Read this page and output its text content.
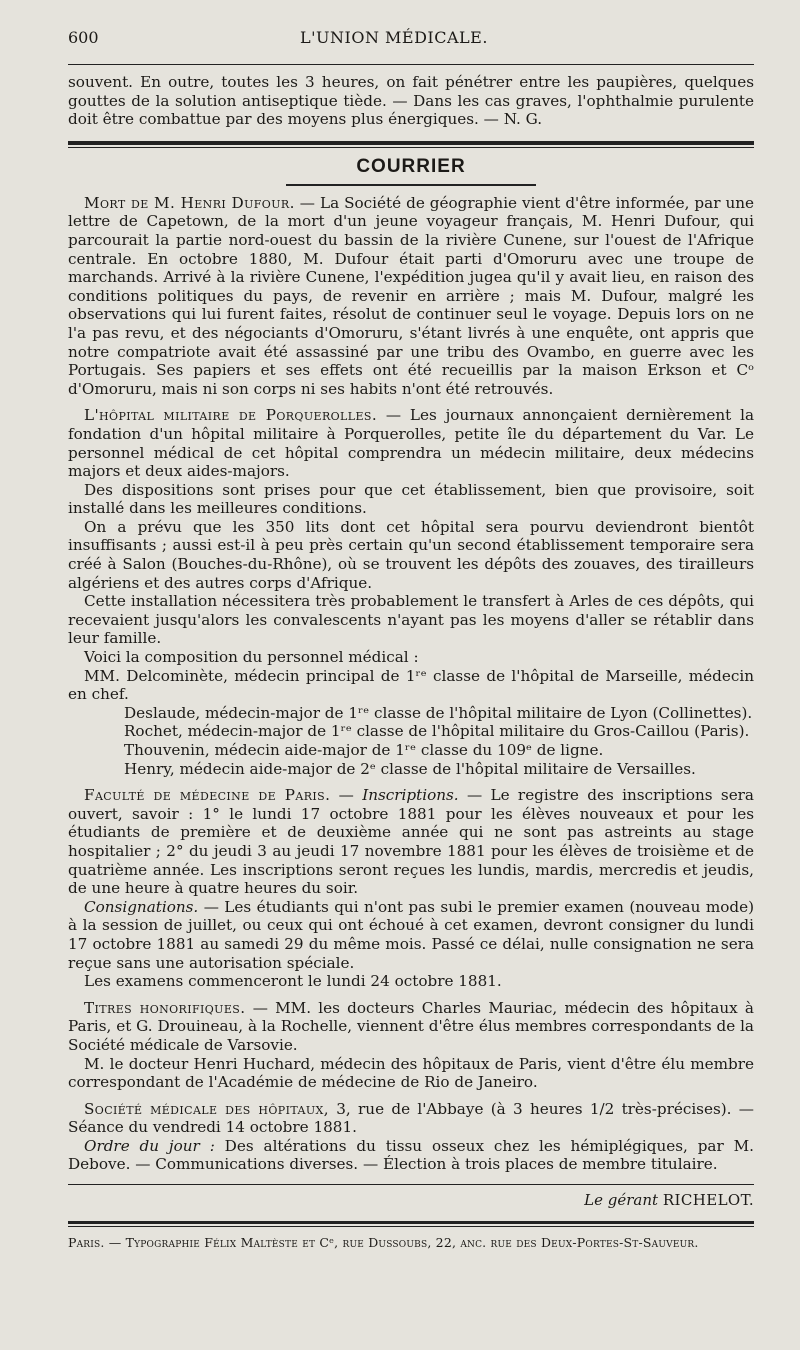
600	L'UNION MÉDICALE.

souvent. En outre, toutes les 3 heures, on fait pénétrer entre les paupières, quelques gouttes de la solution antiseptique tiède. — Dans les cas graves, l'ophthalmie purulente doit être combattue par des moyens plus énergiques. — N. G.

COURRIER

Mort de M. Henri Dufour. — La Société de géographie vient d'être informée, par une lettre de Capetown, de la mort d'un jeune voyageur français, M. Henri Dufour, qui parcourait la partie nord-ouest du bassin de la rivière Cunene, sur l'ouest de l'Afrique centrale. En octobre 1880, M. Dufour était parti d'Omoruru avec une troupe de marchands. Arrivé à la rivière Cunene, l'expédition jugea qu'il y avait lieu, en raison des conditions politiques du pays, de revenir en arrière ; mais M. Dufour, malgré les observations qui lui furent faites, résolut de continuer seul le voyage. Depuis lors on ne l'a pas revu, et des négociants d'Omoruru, s'étant livrés à une enquête, ont appris que notre compatriote avait été assassiné par une tribu des Ovambo, en guerre avec les Portugais. Ses papiers et ses effets ont été recueillis par la maison Erkson et Cᵒ d'Omoruru, mais ni son corps ni ses habits n'ont été retrouvés.

L'hôpital militaire de Porquerolles. — Les journaux annonçaient dernièrement la fondation d'un hôpital militaire à Porquerolles, petite île du département du Var. Le personnel médical de cet hôpital comprendra un médecin militaire, deux médecins majors et deux aides-majors.

Des dispositions sont prises pour que cet établissement, bien que provisoire, soit installé dans les meilleures conditions.

On a prévu que les 350 lits dont cet hôpital sera pourvu deviendront bientôt insuffisants ; aussi est-il à peu près certain qu'un second établissement temporaire sera créé à Salon (Bouches-du-Rhône), où se trouvent les dépôts des zouaves, des tirailleurs algériens et des autres corps d'Afrique.

Cette installation nécessitera très probablement le transfert à Arles de ces dépôts, qui recevaient jusqu'alors les convalescents n'ayant pas les moyens d'aller se rétablir dans leur famille.

Voici la composition du personnel médical :

MM. Delcominète, médecin principal de 1ʳᵉ classe de l'hôpital de Marseille, médecin en chef.

Deslaude, médecin-major de 1ʳᵉ classe de l'hôpital militaire de Lyon (Collinettes).

Rochet, médecin-major de 1ʳᵉ classe de l'hôpital militaire du Gros-Caillou (Paris).

Thouvenin, médecin aide-major de 1ʳᵉ classe du 109ᵉ de ligne.

Henry, médecin aide-major de 2ᵉ classe de l'hôpital militaire de Versailles.

Faculté de médecine de Paris. — Inscriptions. — Le registre des inscriptions sera ouvert, savoir : 1° le lundi 17 octobre 1881 pour les élèves nouveaux et pour les étudiants de première et de deuxième année qui ne sont pas astreints au stage hospitalier ; 2° du jeudi 3 au jeudi 17 novembre 1881 pour les élèves de troisième et de quatrième année. Les inscriptions seront reçues les lundis, mardis, mercredis et jeudis, de une heure à quatre heures du soir.

Consignations. — Les étudiants qui n'ont pas subi le premier examen (nouveau mode) à la session de juillet, ou ceux qui ont échoué à cet examen, devront consigner du lundi 17 octobre 1881 au samedi 29 du même mois. Passé ce délai, nulle consignation ne sera reçue sans une autorisation spéciale.

Les examens commenceront le lundi 24 octobre 1881.

Titres honorifiques. — MM. les docteurs Charles Mauriac, médecin des hôpitaux à Paris, et G. Drouineau, à la Rochelle, viennent d'être élus membres correspondants de la Société médicale de Varsovie.

M. le docteur Henri Huchard, médecin des hôpitaux de Paris, vient d'être élu membre correspondant de l'Académie de médecine de Rio de Janeiro.

Société médicale des hôpitaux, 3, rue de l'Abbaye (à 3 heures 1/2 très-précises). — Séance du vendredi 14 octobre 1881.

Ordre du jour : Des altérations du tissu osseux chez les hémiplégiques, par M. Debove. — Communications diverses. — Élection à trois places de membre titulaire.

Le gérant RICHELOT.
Paris. — Typographie Félix Maltèste et Cᵉ, rue Dussoubs, 22, anc. rue des Deux-Portes-St-Sauveur.
